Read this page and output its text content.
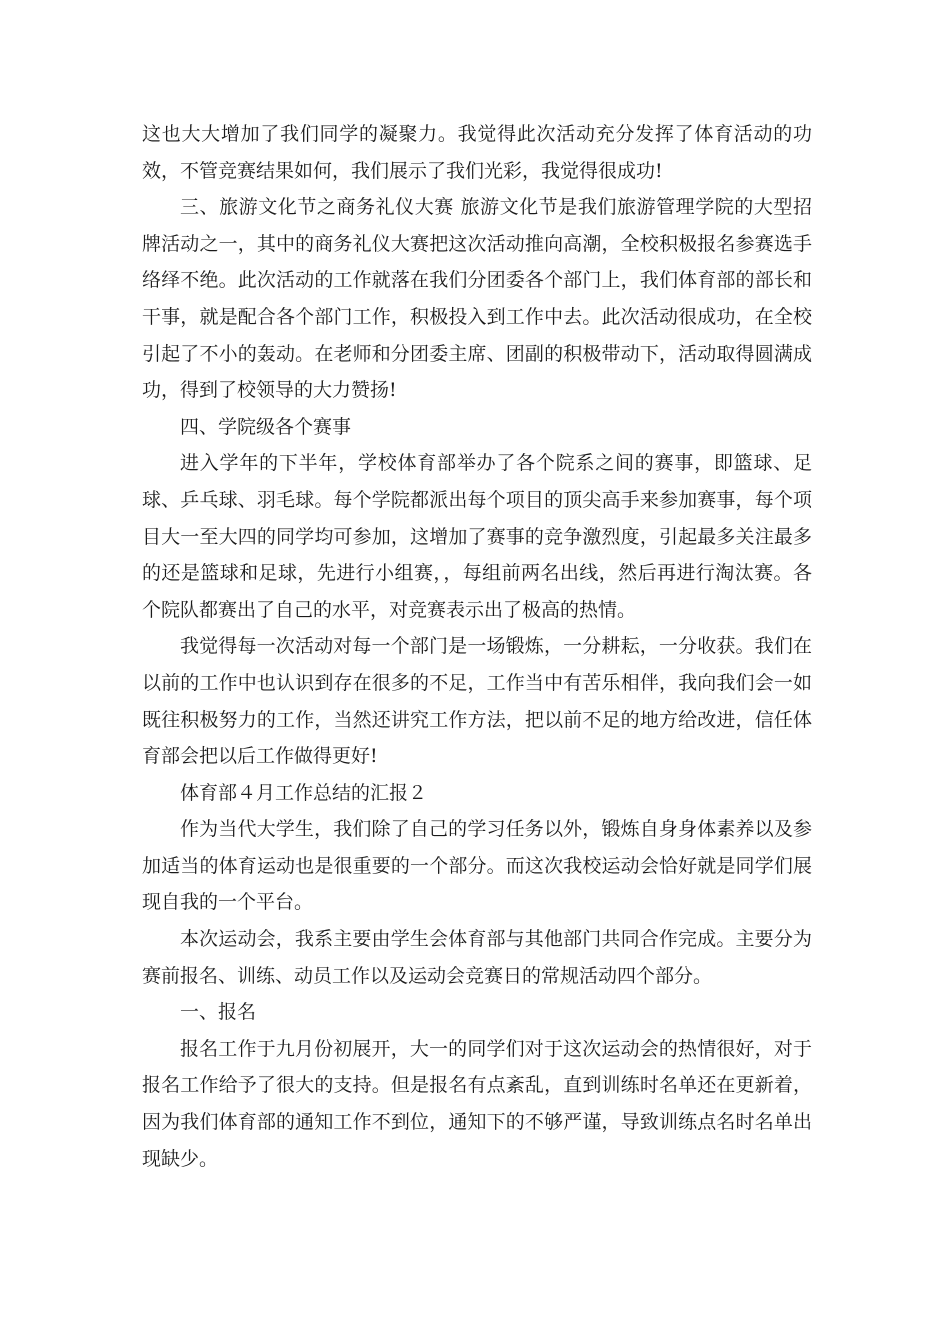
这也大大增加了我们同学的凝聚力。我觉得此次活动充分发挥了体育活动的功效，不管竞赛结果如何，我们展示了我们光彩，我觉得很成功!

三、旅游文化节之商务礼仪大赛 旅游文化节是我们旅游管理学院的大型招牌活动之一，其中的商务礼仪大赛把这次活动推向高潮，全校积极报名参赛选手络绎不绝。此次活动的工作就落在我们分团委各个部门上，我们体育部的部长和干事，就是配合各个部门工作，积极投入到工作中去。此次活动很成功，在全校引起了不小的轰动。在老师和分团委主席、团副的积极带动下，活动取得圆满成功，得到了校领导的大力赞扬!

四、学院级各个赛事

进入学年的下半年，学校体育部举办了各个院系之间的赛事，即篮球、足球、乒乓球、羽毛球。每个学院都派出每个项目的顶尖高手来参加赛事，每个项目大一至大四的同学均可参加，这增加了赛事的竞争激烈度，引起最多关注最多的还是篮球和足球，先进行小组赛，，每组前两名出线，然后再进行淘汰赛。各个院队都赛出了自己的水平，对竞赛表示出了极高的热情。

我觉得每一次活动对每一个部门是一场锻炼，一分耕耘，一分收获。我们在以前的工作中也认识到存在很多的不足，工作当中有苦乐相伴，我向我们会一如既往积极努力的工作，当然还讲究工作方法，把以前不足的地方给改进，信任体育部会把以后工作做得更好!

体育部４月工作总结的汇报２

作为当代大学生，我们除了自己的学习任务以外，锻炼自身身体素养以及参加适当的体育运动也是很重要的一个部分。而这次我校运动会恰好就是同学们展现自我的一个平台。

本次运动会，我系主要由学生会体育部与其他部门共同合作完成。主要分为赛前报名、训练、动员工作以及运动会竞赛日的常规活动四个部分。

一、报名

报名工作于九月份初展开，大一的同学们对于这次运动会的热情很好，对于报名工作给予了很大的支持。但是报名有点紊乱，直到训练时名单还在更新着，因为我们体育部的通知工作不到位，通知下的不够严谨，导致训练点名时名单出现缺少。
